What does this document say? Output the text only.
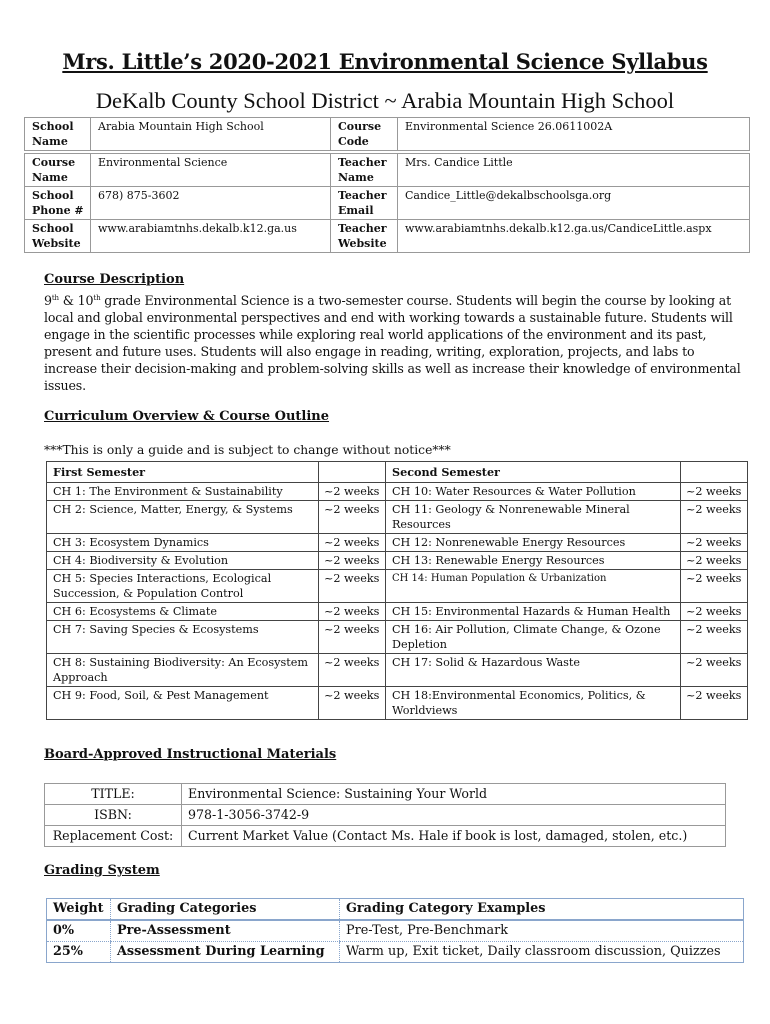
Mrs. Little’s 2020-2021 Environmental Science Syllabus
DeKalb County School District ~ Arabia Mountain High School
School Name	Arabia Mountain High School	Course Code	Environmental Science 26.0611002A

Course Name	Environmental Science	Teacher Name	Mrs. Candice Little
School Phone #	678) 875-3602	Teacher Email	Candice_Little@dekalbschoolsga.org
School Website	www.arabiamtnhs.dekalb.k12.ga.us	Teacher Website	www.arabiamtnhs.dekalb.k12.ga.us/CandiceLittle.aspx
Course Description
9th & 10th grade Environmental Science is a two-semester course. Students will begin the course by looking at local and global environmental perspectives and end with working towards a sustainable future. Students will engage in the scientific processes while exploring real world applications of the environment and its past, present and future uses. Students will also engage in reading, writing, exploration, projects, and labs to increase their decision-making and problem-solving skills as well as increase their knowledge of environmental issues.
Curriculum Overview & Course Outline
***This is only a guide and is subject to change without notice***
First Semester		Second Semester	
CH 1: The Environment & Sustainability	~2 weeks	CH 10: Water Resources & Water Pollution	~2 weeks
CH 2: Science, Matter, Energy, & Systems	~2 weeks	CH 11: Geology & Nonrenewable Mineral Resources	~2 weeks
CH 3: Ecosystem Dynamics	~2 weeks	CH 12: Nonrenewable Energy Resources	~2 weeks
CH 4: Biodiversity & Evolution	~2 weeks	CH 13: Renewable Energy Resources	~2 weeks
CH 5: Species Interactions, Ecological Succession, & Population Control	~2 weeks	CH 14: Human Population & Urbanization	~2 weeks
CH 6: Ecosystems & Climate	~2 weeks	CH 15: Environmental Hazards & Human Health	~2 weeks
CH 7: Saving Species & Ecosystems	~2 weeks	CH 16: Air Pollution, Climate Change, & Ozone Depletion	~2 weeks
CH 8: Sustaining Biodiversity: An Ecosystem Approach	~2 weeks	CH 17: Solid & Hazardous Waste	~2 weeks
CH 9: Food, Soil, & Pest Management	~2 weeks	CH 18:Environmental Economics, Politics, & Worldviews	~2 weeks
Board-Approved Instructional Materials
TITLE:	Environmental Science: Sustaining Your World
ISBN:	978-1-3056-3742-9
Replacement Cost:	Current Market Value (Contact Ms. Hale if book is lost, damaged, stolen, etc.)
Grading System
Weight	Grading Categories	Grading Category Examples
0%	Pre-Assessment	Pre-Test, Pre-Benchmark
25%	Assessment During Learning	Warm up, Exit ticket, Daily classroom discussion, Quizzes
